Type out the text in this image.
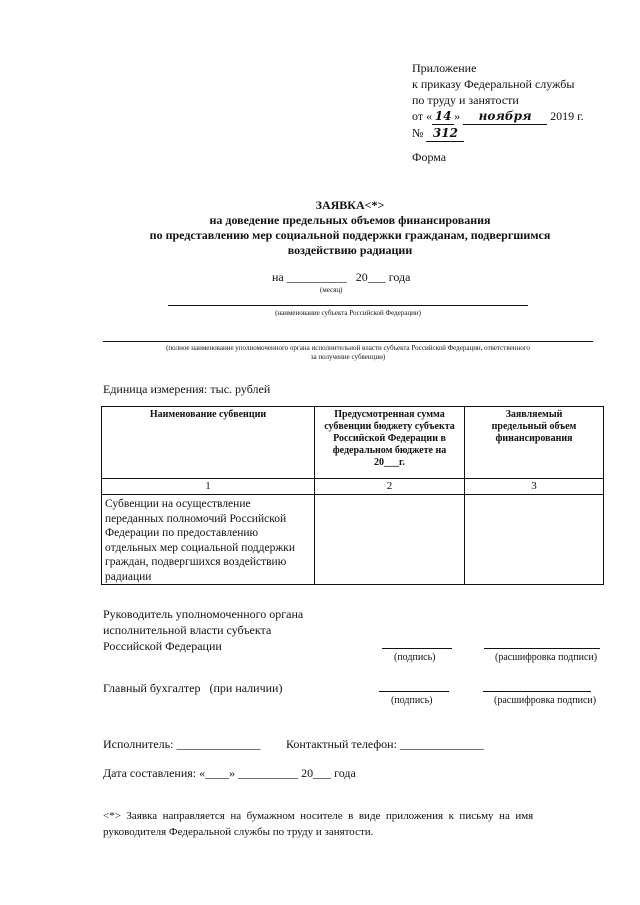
Приложение
к приказу Федеральной службы
по труду и занятости
от « 14 » ноября 2019 г.
№ 312
Форма
ЗАЯВКА<*>
на доведение предельных объемов финансирования
по представлению мер социальной поддержки гражданам, подвергшимся
воздействию радиации
на __________ 20___ года
(месяц)
(наименование субъекта Российской Федерации)
(полное наименование уполномоченного органа исполнительной власти субъекта Российской Федерации, ответственного
за получение субвенции)
Единица измерения: тыс. рублей
Наименование субвенции	Предусмотренная сумма субвенции бюджету субъекта Российской Федерации в федеральном бюджете на 20___г.	Заявляемый предельный объем финансирования
1	2	3
Субвенции на осуществление переданных полномочий Российской Федерации по предоставлению отдельных мер социальной поддержки граждан, подвергшихся воздействию радиации		
Руководитель уполномоченного органа
исполнительной власти субъекта
Российской Федерации
(подпись)	(расшифровка подписи)
Главный бухгалтер   (при наличии)
(подпись)	(расшифровка подписи)
Исполнитель: ______________ Контактный телефон: ______________
Дата составления: «____» __________ 20___ года
<*>  Заявка  направляется  на  бумажном  носителе  в  виде  приложения  к  письму  на  имя
руководителя Федеральной службы по труду и занятости.
